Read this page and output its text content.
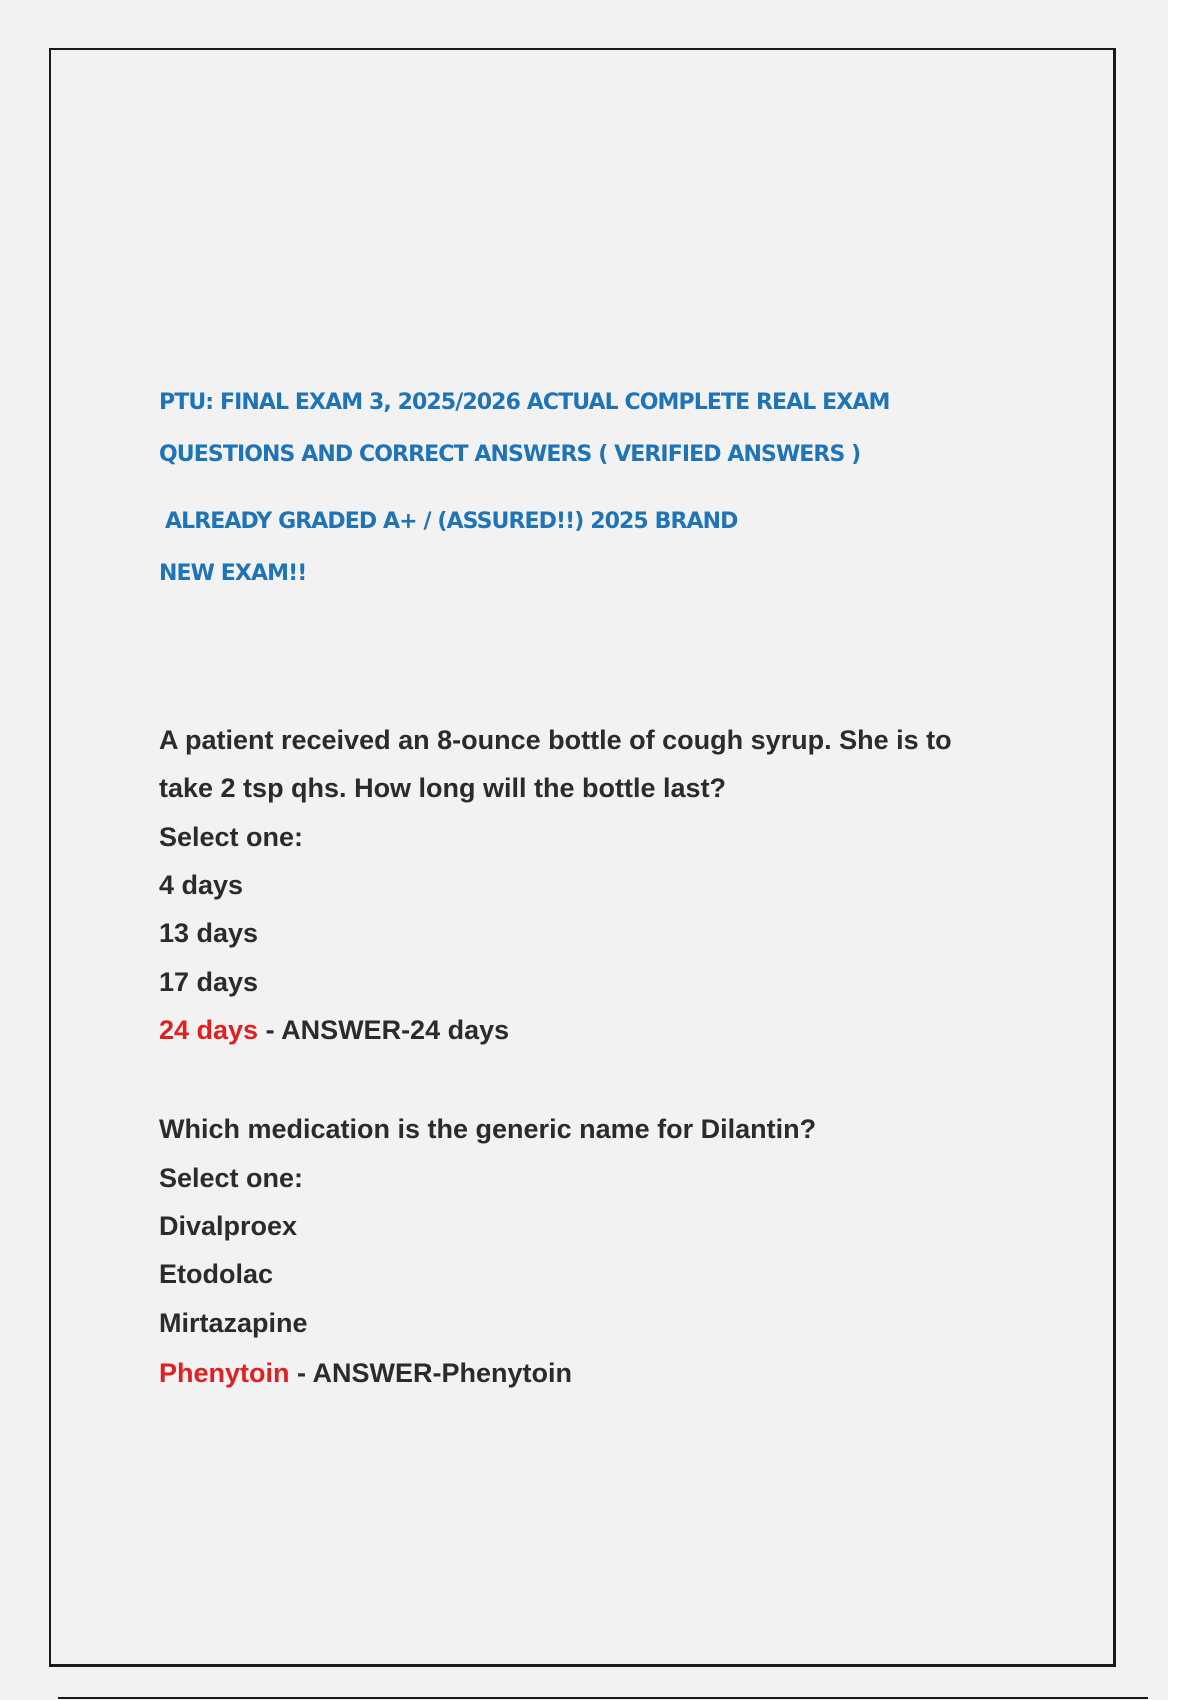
PTU: FINAL EXAM 3, 2025/2026 ACTUAL COMPLETE REAL EXAM
QUESTIONS AND CORRECT ANSWERS ( VERIFIED ANSWERS )
ALREADY GRADED A+ / (ASSURED!!) 2025 BRAND
NEW EXAM!!
A patient received an 8-ounce bottle of cough syrup. She is to
take 2 tsp qhs. How long will the bottle last?
Select one:
4 days
13 days
17 days
24 days - ANSWER-24 days
Which medication is the generic name for Dilantin?
Select one:
Divalproex
Etodolac
Mirtazapine
Phenytoin - ANSWER-Phenytoin
